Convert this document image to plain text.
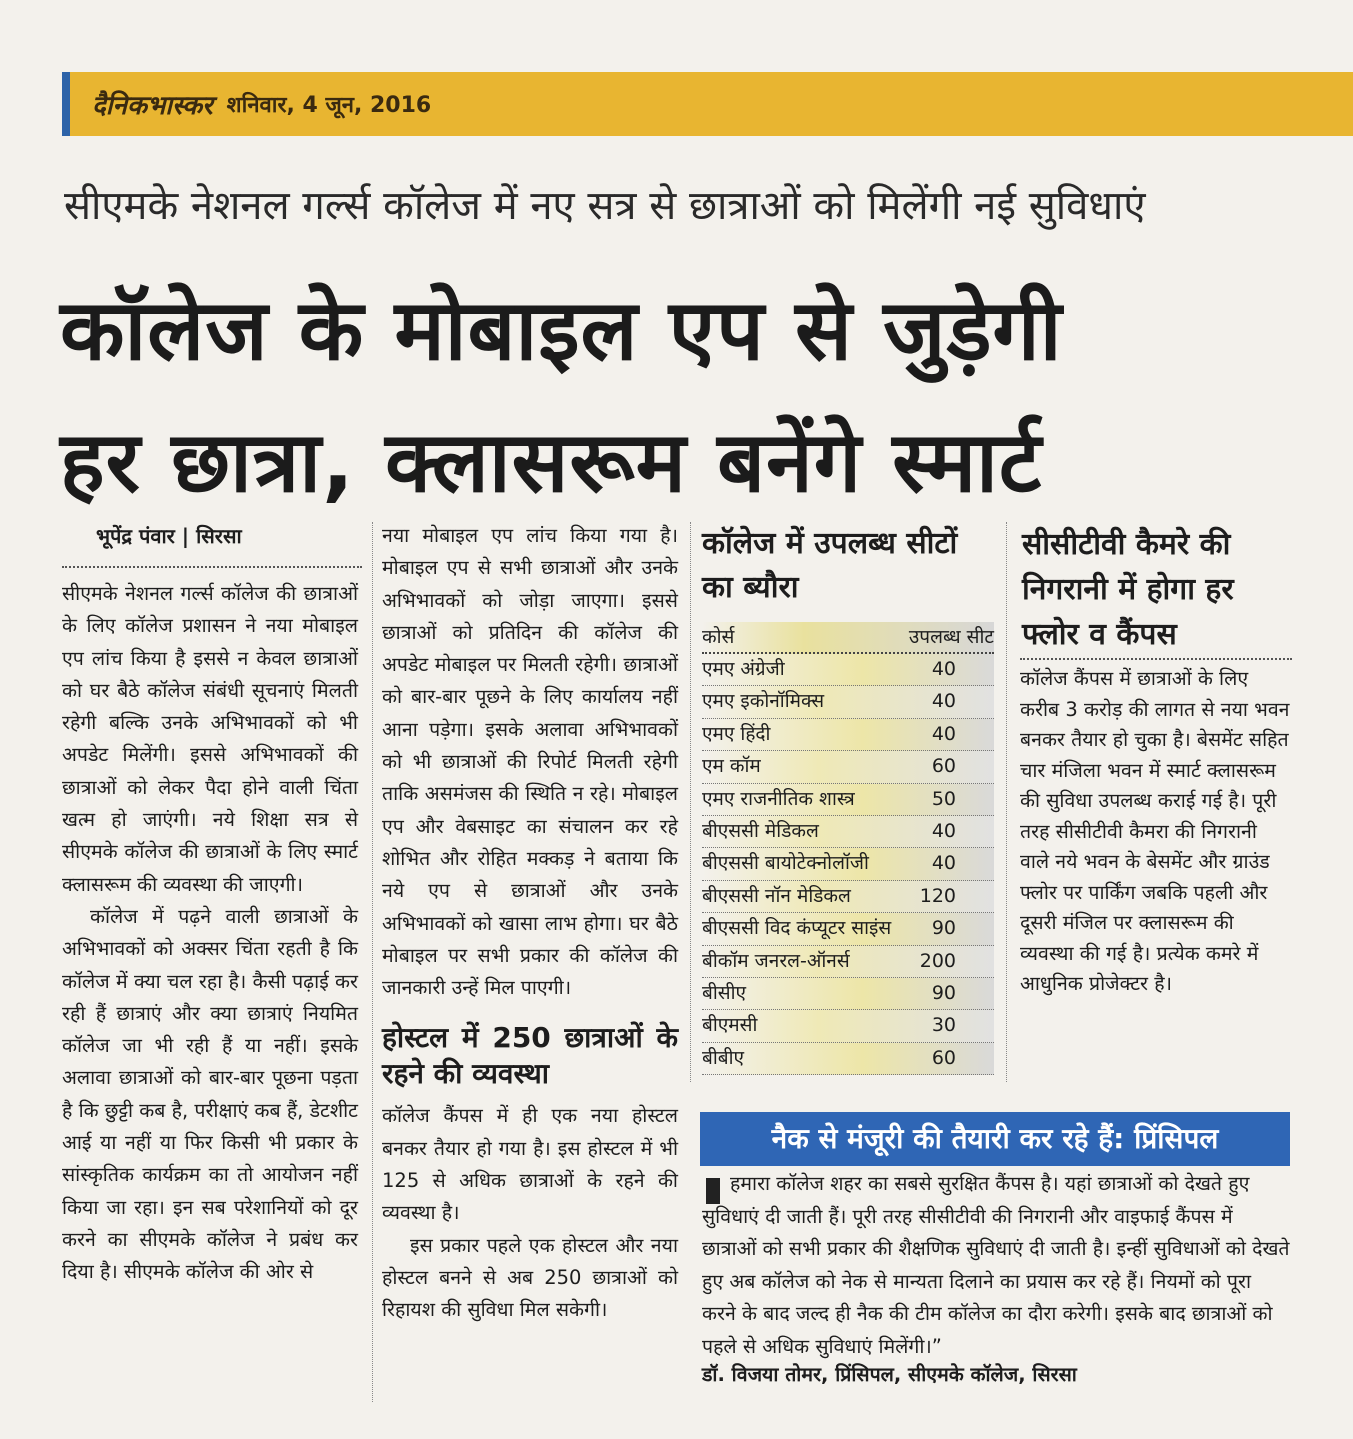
दैनिकभास्कर शनिवार, 4 जून, 2016
सीएमके नेशनल गर्ल्स कॉलेज में नए सत्र से छात्राओं को मिलेंगी नई सुविधाएं
कॉलेज के मोबाइल एप से जुड़ेगी
हर छात्रा, क्लासरूम बनेंगे स्मार्ट
भूपेंद्र पंवार | सिरसा

सीएमके नेशनल गर्ल्स कॉलेज की छात्राओं के लिए कॉलेज प्रशासन ने नया मोबाइल एप लांच किया है इससे न केवल छात्राओं को घर बैठे कॉलेज संबंधी सूचनाएं मिलती रहेगी बल्कि उनके अभिभावकों को भी अपडेट मिलेंगी। इससे अभिभावकों की छात्राओं को लेकर पैदा होने वाली चिंता खत्म हो जाएंगी। नये शिक्षा सत्र से सीएमके कॉलेज की छात्राओं के लिए स्मार्ट क्लासरूम की व्यवस्था की जाएगी।

कॉलेज में पढ़ने वाली छात्राओं के अभिभावकों को अक्सर चिंता रहती है कि कॉलेज में क्या चल रहा है। कैसी पढ़ाई कर रही हैं छात्राएं और क्या छात्राएं नियमित कॉलेज जा भी रही हैं या नहीं। इसके अलावा छात्राओं को बार-बार पूछना पड़ता है कि छुट्टी कब है, परीक्षाएं कब हैं, डेटशीट आई या नहीं या फिर किसी भी प्रकार के सांस्कृतिक कार्यक्रम का तो आयोजन नहीं किया जा रहा। इन सब परेशानियों को दूर करने का सीएमके कॉलेज ने प्रबंध कर दिया है। सीएमके कॉलेज की ओर से

नया मोबाइल एप लांच किया गया है। मोबाइल एप से सभी छात्राओं और उनके अभिभावकों को जोड़ा जाएगा। इससे छात्राओं को प्रतिदिन की कॉलेज की अपडेट मोबाइल पर मिलती रहेगी। छात्राओं को बार-बार पूछने के लिए कार्यालय नहीं आना पड़ेगा। इसके अलावा अभिभावकों को भी छात्राओं की रिपोर्ट मिलती रहेगी ताकि असमंजस की स्थिति न रहे। मोबाइल एप और वेबसाइट का संचालन कर रहे शोभित और रोहित मक्कड़ ने बताया कि नये एप से छात्राओं और उनके अभिभावकों को खासा लाभ होगा। घर बैठे मोबाइल पर सभी प्रकार की कॉलेज की जानकारी उन्हें मिल पाएगी।

होस्टल में 250 छात्राओं के रहने की व्यवस्था

कॉलेज कैंपस में ही एक नया होस्टल बनकर तैयार हो गया है। इस होस्टल में भी 125 से अधिक छात्राओं के रहने की व्यवस्था है।

इस प्रकार पहले एक होस्टल और नया होस्टल बनने से अब 250 छात्राओं को रिहायश की सुविधा मिल सकेगी।

कॉलेज में उपलब्ध सीटों का ब्यौरा
कोर्स	उपलब्ध सीट
एमए अंग्रेजी	40
एमए इकोनॉमिक्स	40
एमए हिंदी	40
एम कॉम	60
एमए राजनीतिक शास्त्र	50
बीएससी मेडिकल	40
बीएससी बायोटेक्नोलॉजी	40
बीएससी नॉन मेडिकल	120
बीएससी विद कंप्यूटर साइंस	90
बीकॉम जनरल-ऑनर्स	200
बीसीए	90
बीएमसी	30
बीबीए	60
सीसीटीवी कैमरे की निगरानी में होगा हर फ्लोर व कैंपस
कॉलेज कैंपस में छात्राओं के लिए करीब 3 करोड़ की लागत से नया भवन बनकर तैयार हो चुका है। बेसमेंट सहित चार मंजिला भवन में स्मार्ट क्लासरूम की सुविधा उपलब्ध कराई गई है। पूरी तरह सीसीटीवी कैमरा की निगरानी वाले नये भवन के बेसमेंट और ग्राउंड फ्लोर पर पार्किंग जबकि पहली और दूसरी मंजिल पर क्लासरूम की व्यवस्था की गई है। प्रत्येक कमरे में आधुनिक प्रोजेक्टर है।
नैक से मंजूरी की तैयारी कर रहे हैं: प्रिंसिपल

हमारा कॉलेज शहर का सबसे सुरक्षित कैंपस है। यहां छात्राओं को देखते हुए सुविधाएं दी जाती हैं। पूरी तरह सीसीटीवी की निगरानी और वाइफाई कैंपस में छात्राओं को सभी प्रकार की शैक्षणिक सुविधाएं दी जाती है। इन्हीं सुविधाओं को देखते हुए अब कॉलेज को नेक से मान्यता दिलाने का प्रयास कर रहे हैं। नियमों को पूरा करने के बाद जल्द ही नैक की टीम कॉलेज का दौरा करेगी। इसके बाद छात्राओं को पहले से अधिक सुविधाएं मिलेंगी।”

डॉ. विजया तोमर, प्रिंसिपल, सीएमके कॉलेज, सिरसा
